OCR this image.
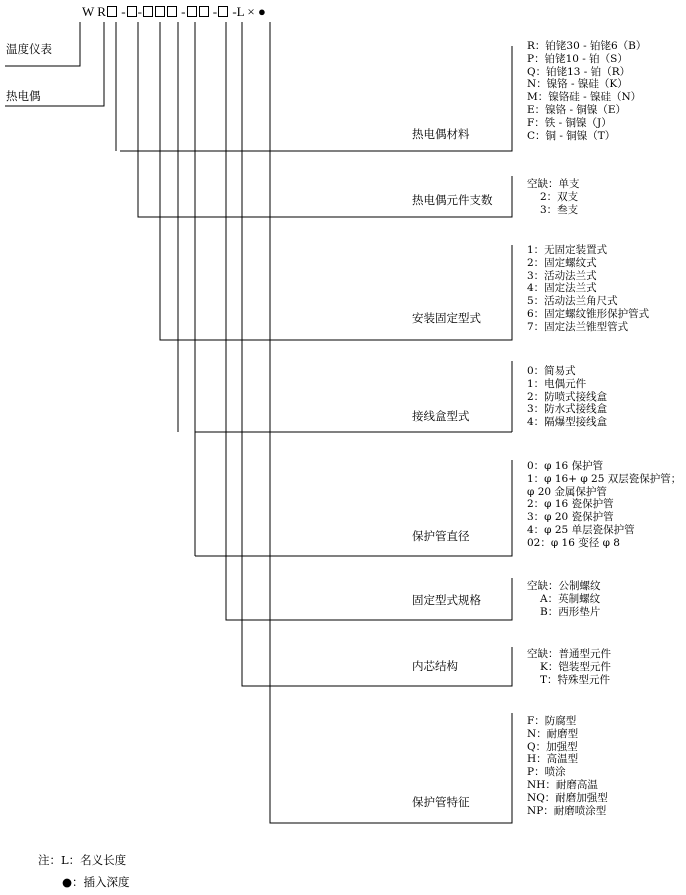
W R - -	- - -L × ●
温度仪表
热电偶
热电偶材料
热电偶元件支数
安装固定型式
接线盒型式
保护管直径
固定型式规格
内芯结构
保护管特征
R：铂铑30 - 铂铑6（B）
P：铂铑10 - 铂（S）
Q：铂铑13 - 铂（R）
N：镍铬 - 镍硅（K）
M：镍铬硅 - 镍硅（N）
E：镍铬 - 铜镍（E）
F：铁 - 铜镍（J）
C：铜 - 铜镍（T）
空缺：单支
2：双支
3：叁支
1：无固定装置式
2：固定螺纹式
3：活动法兰式
4：固定法兰式
5：活动法兰角尺式
6：固定螺纹锥形保护管式
7：固定法兰锥型管式
0：简易式
1：电偶元件
2：防喷式接线盒
3：防水式接线盒
4：隔爆型接线盒
0：φ 16 保护管
1：φ 16+ φ 25 双层瓷保护管；
φ 20 金属保护管
2：φ 16 瓷保护管
3：φ 20 瓷保护管
4：φ 25 单层瓷保护管
02：φ 16 变径 φ 8
空缺：公制螺纹
A：英制螺纹
B：西形垫片
空缺：普通型元件
K：铠装型元件
T：特殊型元件
F：防腐型
N：耐磨型
Q：加强型
H：高温型
P：喷涂
NH：耐磨高温
NQ：耐磨加强型
NP：耐磨喷涂型
注：L：名义长度
●：插入深度
